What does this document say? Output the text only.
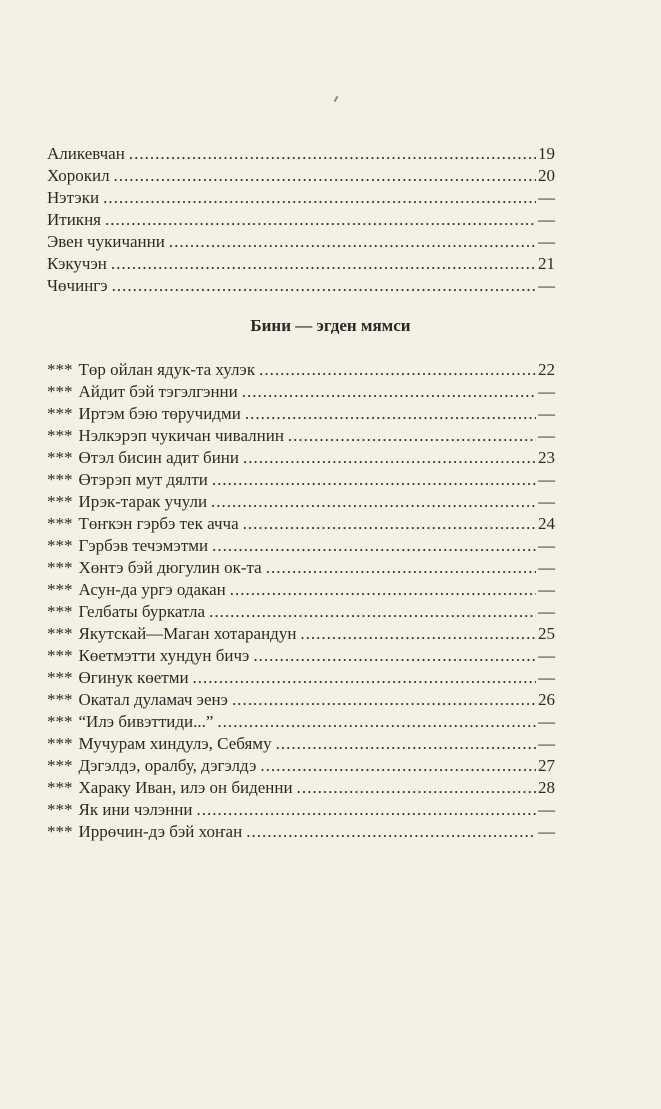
Аликевчан .....	19
Хорокил .....	20
Нэтэки .....	—
Итикня .....	—
Эвен чукичанни .....	—
Кэкучэн .....	21
Чөчингэ .....	—
Бини — эгден мямси
*** Төр ойлан ядук-та хулэк .....	22
*** Айдит бэй тэгэлгэнни .....	—
*** Иртэм бэю төручидми .....	—
*** Нэлкэрэп чукичан чивалнин .....	—
*** Өтэл бисин адит бини .....	23
*** Өтэрэп мут дялти .....	—
*** Ирэк-тарак учули .....	—
*** Төҥкэн гэрбэ тек ачча .....	24
*** Гэрбэв течэмэтми .....	—
*** Хөнтэ бэй дюгулин ок-та .....	—
*** Асун-да ургэ одакан .....	—
*** Гелбаты буркатла .....	—
*** Якутскай—Маган хотарандун .....	25
*** Көетмэтти хундун бичэ .....	—
*** Өгинук көетми .....	—
*** Окатал дуламач эенэ .....	26
*** “Илэ бивэттиди...” .....	—
*** Мучурам хиндулэ, Себяму .....	—
*** Дэгэлдэ, оралбу, дэгэлдэ .....	27
*** Хараку Иван, илэ он биденни .....	28
*** Як ини чэлэнни .....	—
*** Иррөчин-дэ бэй хоҥан .....	—
